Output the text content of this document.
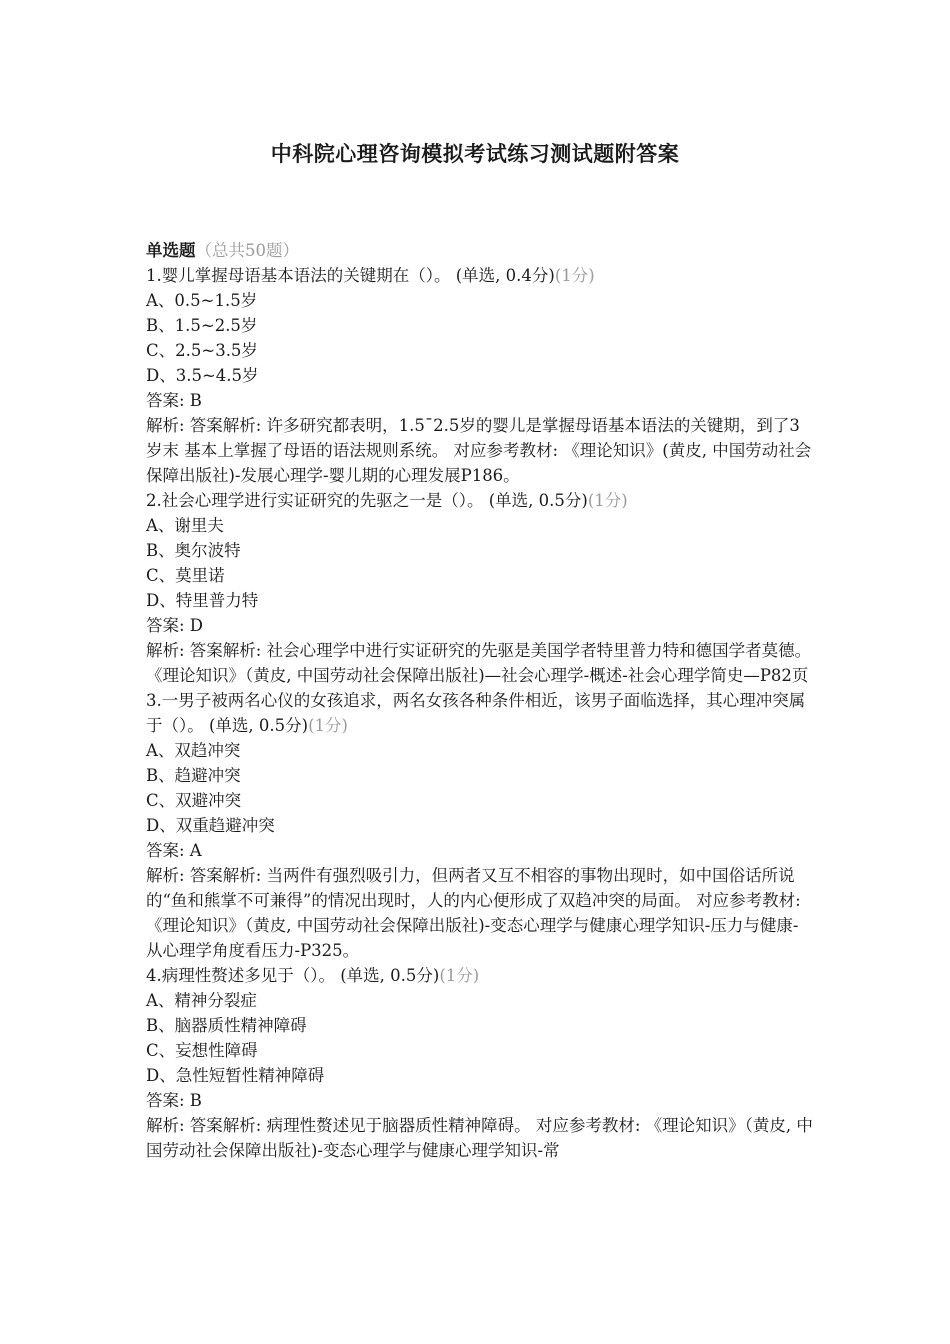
中科院心理咨询模拟考试练习测试题附答案
单选题（总共50题）
1.婴儿掌握母语基本语法的关键期在（）。 (单选, 0.4分)(1分)
A、0.5~1.5岁
B、1.5~2.5岁
C、2.5~3.5岁
D、3.5~4.5岁
答案: B
解析: 答案解析: 许多研究都表明，1.5¯2.5岁的婴儿是掌握母语基本语法的关键期，到了3岁末 基本上掌握了母语的语法规则系统。 对应参考教材: 《理论知识》(黄皮, 中国劳动社会保障出版社)-发展心理学-婴儿期的心理发展P186。
2.社会心理学进行实证研究的先驱之一是（）。 (单选, 0.5分)(1分)
A、谢里夫
B、奥尔波特
C、莫里诺
D、特里普力特
答案: D
解析: 答案解析: 社会心理学中进行实证研究的先驱是美国学者特里普力特和德国学者莫德。 《理论知识》（黄皮, 中国劳动社会保障出版社)—社会心理学-概述-社会心理学简史—P82页
3.一男子被两名心仪的女孩追求，两名女孩各种条件相近，该男子面临选择，其心理冲突属于（）。 (单选, 0.5分)(1分)
A、双趋冲突
B、趋避冲突
C、双避冲突
D、双重趋避冲突
答案: A
解析: 答案解析: 当两件有强烈吸引力，但两者又互不相容的事物出现时，如中国俗话所说的“鱼和熊掌不可兼得”的情况出现时，人的内心便形成了双趋冲突的局面。 对应参考教材: 《理论知识》（黄皮, 中国劳动社会保障出版社)-变态心理学与健康心理学知识-压力与健康-从心理学角度看压力-P325。
4.病理性赘述多见于（）。 (单选, 0.5分)(1分)
A、精神分裂症
B、脑器质性精神障碍
C、妄想性障碍
D、急性短暂性精神障碍
答案: B
解析: 答案解析: 病理性赘述见于脑器质性精神障碍。 对应参考教材: 《理论知识》（黄皮, 中国劳动社会保障出版社)-变态心理学与健康心理学知识-常
